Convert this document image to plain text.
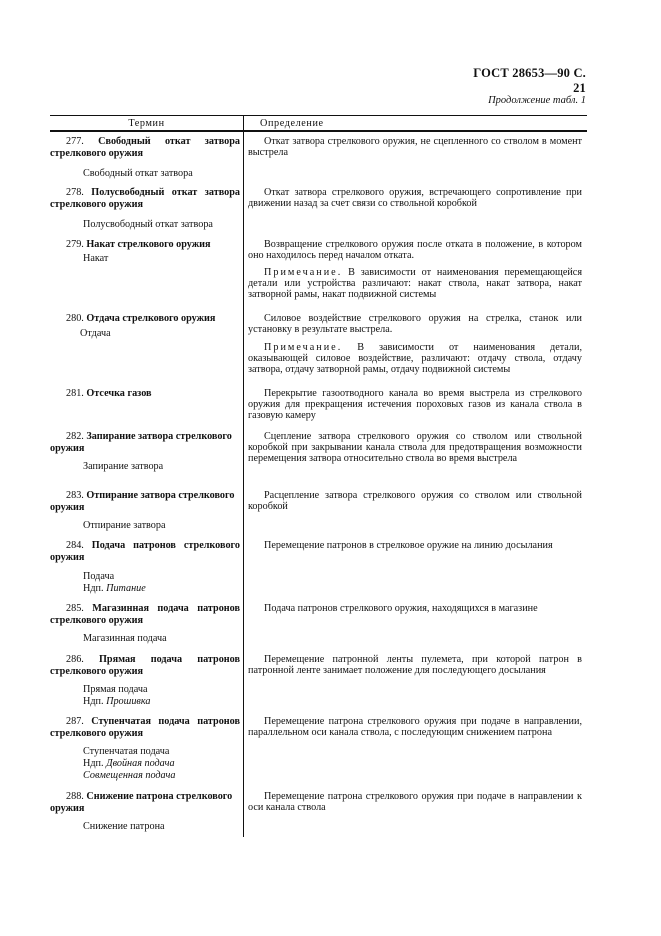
ГОСТ 28653—90 С. 21
Продолжение табл. 1
Термин	Определение
277. Свободный откат затвора стрелкового оружия
Свободный откат затвора
Откат затвора стрелкового оружия, не сцепленного со стволом в момент выстрела
278. Полусвободный откат затвора стрелкового оружия
Полусвободный откат затвора
Откат затвора стрелкового оружия, встречающего сопротивление при движении назад за счет связи со ствольной коробкой
279. Накат стрелкового оружия
Накат
Возвращение стрелкового оружия после отката в положение, в котором оно находилось перед началом отката.
Примечание. В зависимости от наименования перемещающейся детали или устройства различают: накат ствола, накат затвора, накат затворной рамы, накат подвижной системы
280. Отдача стрелкового оружия
Отдача
Силовое воздействие стрелкового оружия на стрелка, станок или установку в результате выстрела.
Примечание. В зависимости от наименования детали, оказывающей силовое воздействие, различают: отдачу ствола, отдачу затвора, отдачу затворной рамы, отдачу подвижной системы
281. Отсечка газов	Перекрытие газоотводного канала во время выстрела из стрелкового оружия для прекращения истечения пороховых газов из канала ствола в газовую камеру
282. Запирание затвора стрелкового оружия
Запирание затвора
Сцепление затвора стрелкового оружия со стволом или ствольной коробкой при закрывании канала ствола для предотвращения возможности перемещения затвора относительно ствола во время выстрела
283. Отпирание затвора стрелкового оружия
Отпирание затвора
Расцепление затвора стрелкового оружия со стволом или ствольной коробкой
284. Подача патронов стрелкового оружия
Подача
Ндп. Питание
Перемещение патронов в стрелковое оружие на линию досылания
285. Магазинная подача патронов стрелкового оружия
Магазинная подача
Подача патронов стрелкового оружия, находящихся в магазине
286. Прямая подача патронов стрелкового оружия
Прямая подача
Ндп. Прошивка
Перемещение патронной ленты пулемета, при которой патрон в патронной ленте занимает положение для последующего досылания
287. Ступенчатая подача патронов стрелкового оружия
Ступенчатая подача
Ндп. Двойная подача
Совмещенная подача
Перемещение патрона стрелкового оружия при подаче в направлении, параллельном оси канала ствола, с последующим снижением патрона
288. Снижение патрона стрелкового оружия
Снижение патрона
Перемещение патрона стрелкового оружия при подаче в направлении к оси канала ствола
